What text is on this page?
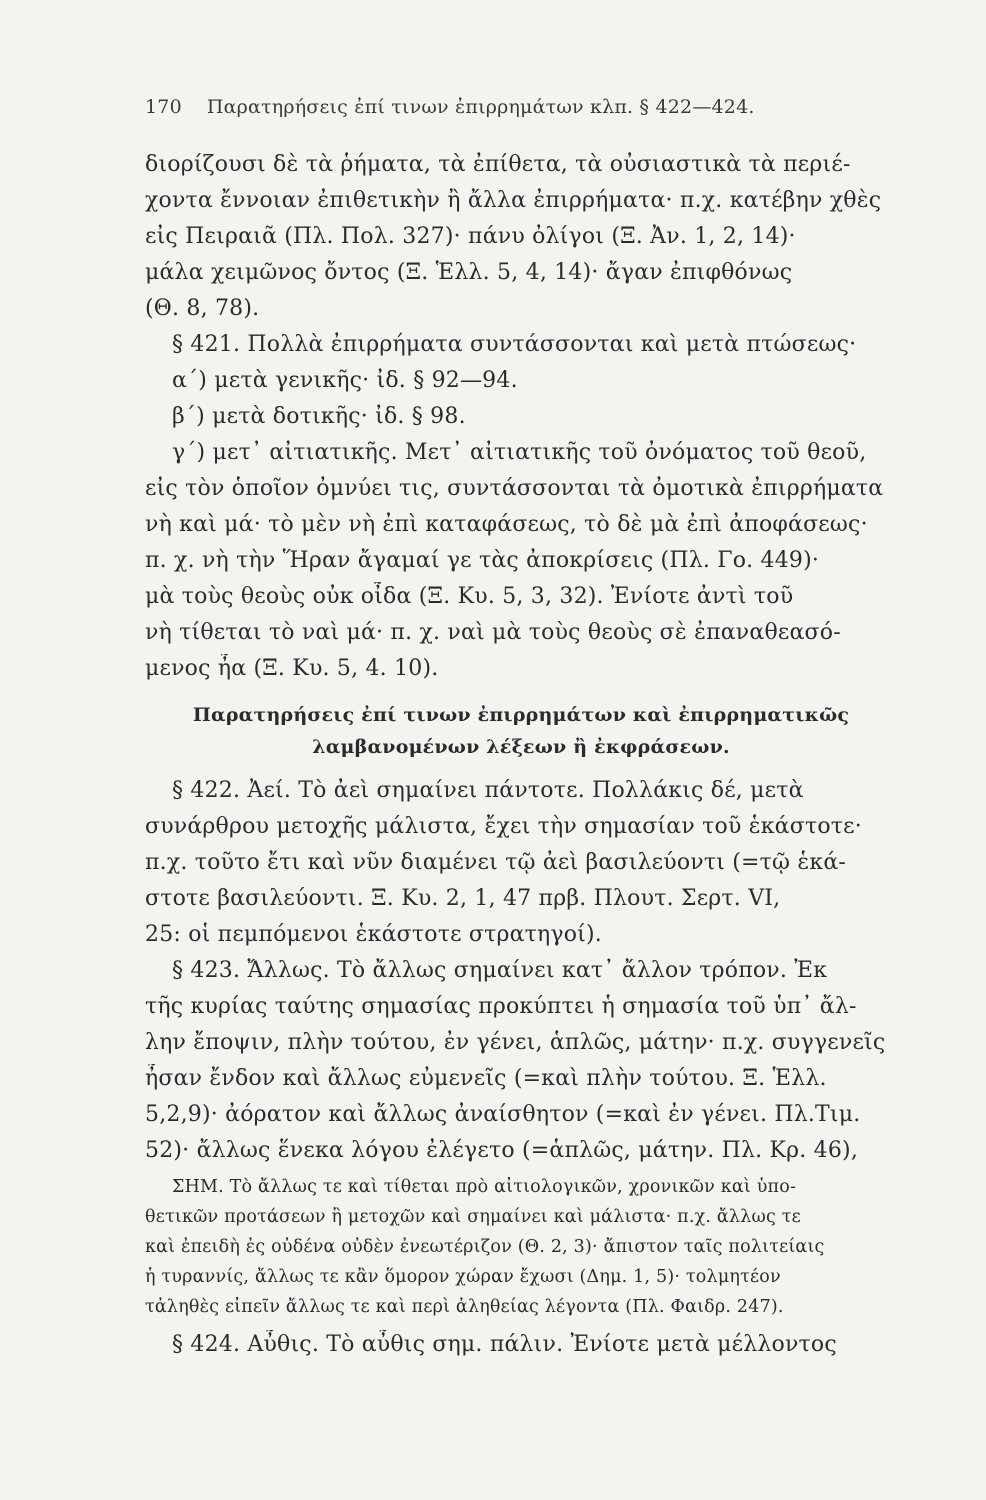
170 Παρατηρήσεις ἐπί τινων ἐπιρρημάτων κλπ. § 422—424.

διορίζουσι δὲ τὰ ῥήματα, τὰ ἐπίθετα, τὰ οὐσιαστικὰ τὰ περιέ-

χοντα ἔννοιαν ἐπιθετικὴν ἢ ἄλλα ἐπιρρήματα· π.χ. κατέβην χθὲς

εἰς Πειραιᾶ (Πλ. Πολ. 327)· πάνυ ὀλίγοι (Ξ. Ἀν. 1, 2, 14)·

μάλα χειμῶνος ὄντος (Ξ. Ἑλλ. 5, 4, 14)· ἄγαν ἐπιφθόνως

(Θ. 8, 78).

§ 421. Πολλὰ ἐπιρρήματα συντάσσονται καὶ μετὰ πτώσεως·

α΄) μετὰ γενικῆς· ἰδ. § 92—94.

β΄) μετὰ δοτικῆς· ἰδ. § 98.

γ΄) μετ᾽ αἰτιατικῆς. Μετ᾽ αἰτιατικῆς τοῦ ὀνόματος τοῦ θεοῦ,

εἰς τὸν ὁποῖον ὀμνύει τις, συντάσσονται τὰ ὀμοτικὰ ἐπιρρήματα

νὴ καὶ μά· τὸ μὲν νὴ ἐπὶ καταφάσεως, τὸ δὲ μὰ ἐπὶ ἀποφάσεως·

π. χ. νὴ τὴν Ἥραν ἄγαμαί γε τὰς ἀποκρίσεις (Πλ. Γο. 449)·

μὰ τοὺς θεοὺς οὐκ οἶδα (Ξ. Κυ. 5, 3, 32). Ἐνίοτε ἀντὶ τοῦ

νὴ τίθεται τὸ ναὶ μά· π. χ. ναὶ μὰ τοὺς θεοὺς σὲ ἐπαναθεασό-

μενος ἦα (Ξ. Κυ. 5, 4. 10).

Παρατηρήσεις ἐπί τινων ἐπιρρημάτων καὶ ἐπιρρηματικῶς

λαμβανομένων λέξεων ἢ ἐκφράσεων.

§ 422. Ἀεί. Τὸ ἀεὶ σημαίνει πάντοτε. Πολλάκις δέ, μετὰ

συνάρθρου μετοχῆς μάλιστα, ἔχει τὴν σημασίαν τοῦ ἑκάστοτε·

π.χ. τοῦτο ἔτι καὶ νῦν διαμένει τῷ ἀεὶ βασιλεύοντι (=τῷ ἑκά-

στοτε βασιλεύοντι. Ξ. Κυ. 2, 1, 47 πρβ. Πλουτ. Σερτ. VI,

25: οἱ πεμπόμενοι ἑκάστοτε στρατηγοί).

§ 423. Ἄλλως. Τὸ ἄλλως σημαίνει κατ᾽ ἄλλον τρόπον. Ἐκ

τῆς κυρίας ταύτης σημασίας προκύπτει ἡ σημασία τοῦ ὑπ᾽ ἄλ-

λην ἔποψιν, πλὴν τούτου, ἐν γένει, ἁπλῶς, μάτην· π.χ. συγγενεῖς

ἦσαν ἔνδον καὶ ἄλλως εὐμενεῖς (=καὶ πλὴν τούτου. Ξ. Ἑλλ.

5,2,9)· ἀόρατον καὶ ἄλλως ἀναίσθητον (=καὶ ἐν γένει. Πλ.Τιμ.

52)· ἄλλως ἕνεκα λόγου ἐλέγετο (=ἁπλῶς, μάτην. Πλ. Κρ. 46),

ΣΗΜ. Τὸ ἄλλως τε καὶ τίθεται πρὸ αἰτιολογικῶν, χρονικῶν καὶ ὑπο-

θετικῶν προτάσεων ἢ μετοχῶν καὶ σημαίνει καὶ μάλιστα· π.χ. ἄλλως τε

καὶ ἐπειδὴ ἐς οὐδένα οὐδὲν ἐνεωτέριζον (Θ. 2, 3)· ἄπιστον ταῖς πολιτείαις

ἡ τυραννίς, ἄλλως τε κἂν ὅμορον χώραν ἔχωσι (Δημ. 1, 5)· τολμητέον

τἀληθὲς εἰπεῖν ἄλλως τε καὶ περὶ ἀληθείας λέγοντα (Πλ. Φαιδρ. 247).

§ 424. Αὖθις. Τὸ αὖθις σημ. πάλιν. Ἐνίοτε μετὰ μέλλοντος
